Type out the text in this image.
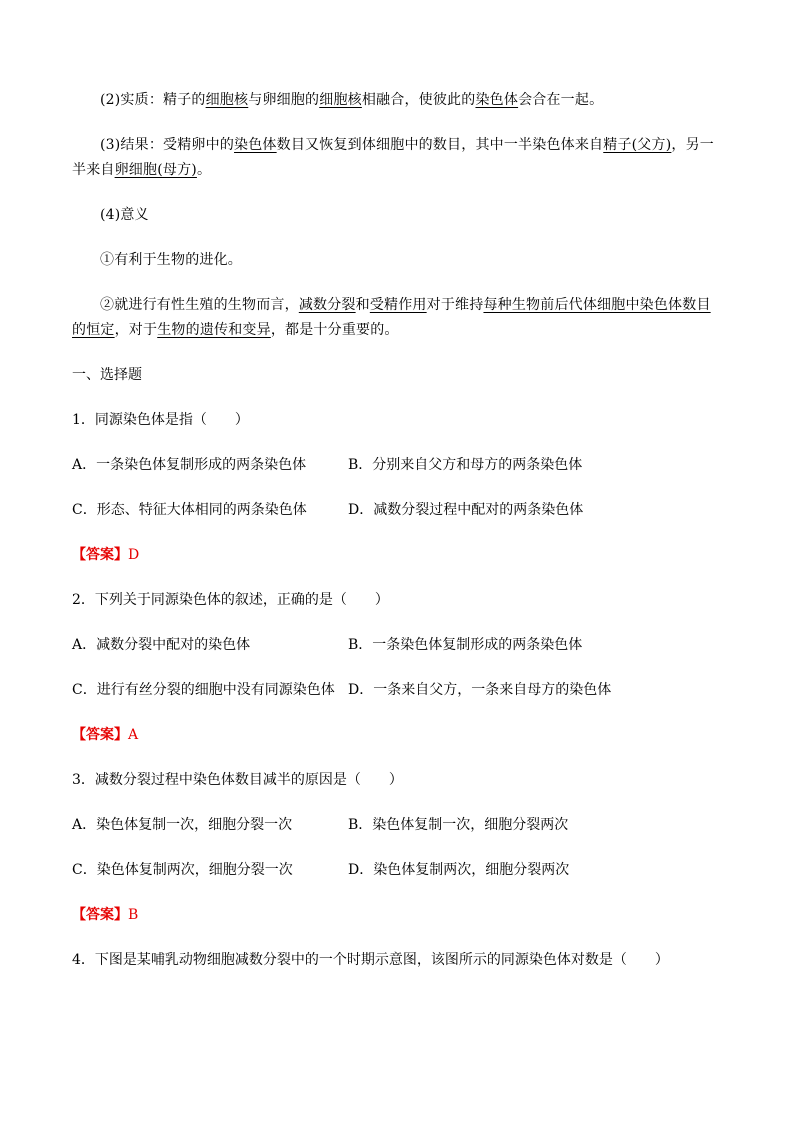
(2)实质：精子的细胞核与卵细胞的细胞核相融合，使彼此的染色体会合在一起。

(3)结果：受精卵中的染色体数目又恢复到体细胞中的数目，其中一半染色体来自精子(父方)，另一半来自卵细胞(母方)。

(4)意义

①有利于生物的进化。

②就进行有性生殖的生物而言，减数分裂和受精作用对于维持每种生物前后代体细胞中染色体数目的恒定，对于生物的遗传和变异，都是十分重要的。

一、选择题
1．同源染色体是指（　　）
A．一条染色体复制形成的两条染色体	B．分别来自父方和母方的两条染色体
C．形态、特征大体相同的两条染色体	D．减数分裂过程中配对的两条染色体
【答案】D
2．下列关于同源染色体的叙述，正确的是（　　）
A．减数分裂中配对的染色体	B．一条染色体复制形成的两条染色体
C．进行有丝分裂的细胞中没有同源染色体 D．一条来自父方，一条来自母方的染色体
【答案】A
3．减数分裂过程中染色体数目减半的原因是（　　）
A．染色体复制一次，细胞分裂一次	B．染色体复制一次，细胞分裂两次
C．染色体复制两次，细胞分裂一次	D．染色体复制两次，细胞分裂两次
【答案】B
4．下图是某哺乳动物细胞减数分裂中的一个时期示意图，该图所示的同源染色体对数是（　　）
